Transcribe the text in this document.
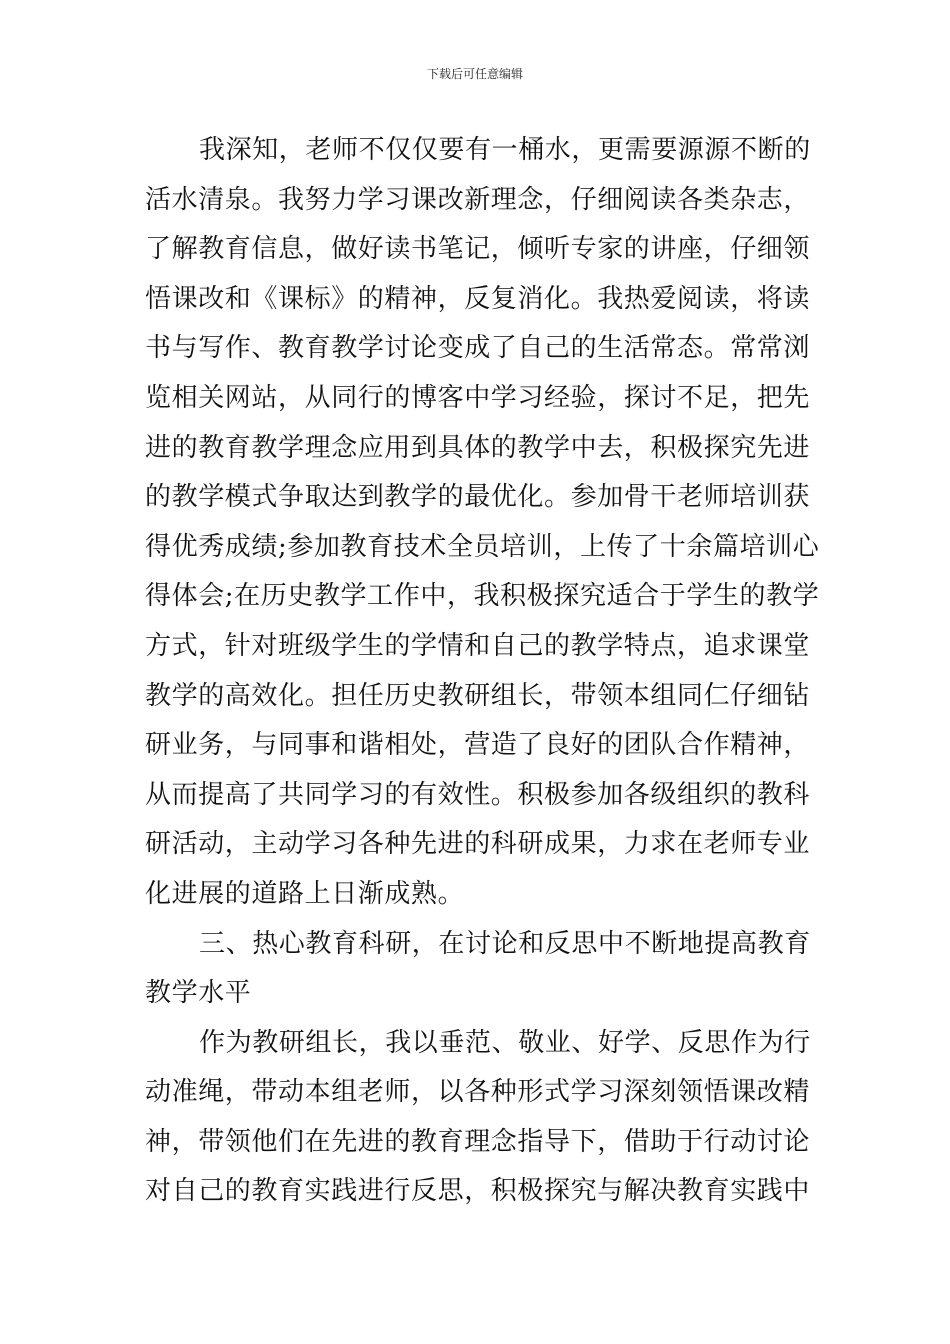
下载后可任意编辑
我深知，老师不仅仅要有一桶水，更需要源源不断的
活水清泉。我努力学习课改新理念，仔细阅读各类杂志，
了解教育信息，做好读书笔记，倾听专家的讲座，仔细领
悟课改和《课标》的精神，反复消化。我热爱阅读，将读
书与写作、教育教学讨论变成了自己的生活常态。常常浏
览相关网站，从同行的博客中学习经验，探讨不足，把先
进的教育教学理念应用到具体的教学中去，积极探究先进
的教学模式争取达到教学的最优化。参加骨干老师培训获
得优秀成绩;参加教育技术全员培训，上传了十余篇培训心
得体会;在历史教学工作中，我积极探究适合于学生的教学
方式，针对班级学生的学情和自己的教学特点，追求课堂
教学的高效化。担任历史教研组长，带领本组同仁仔细钻
研业务，与同事和谐相处，营造了良好的团队合作精神，
从而提高了共同学习的有效性。积极参加各级组织的教科
研活动，主动学习各种先进的科研成果，力求在老师专业
化进展的道路上日渐成熟。
三、热心教育科研，在讨论和反思中不断地提高教育
教学水平
作为教研组长，我以垂范、敬业、好学、反思作为行
动准绳，带动本组老师，以各种形式学习深刻领悟课改精
神，带领他们在先进的教育理念指导下，借助于行动讨论
对自己的教育实践进行反思，积极探究与解决教育实践中
